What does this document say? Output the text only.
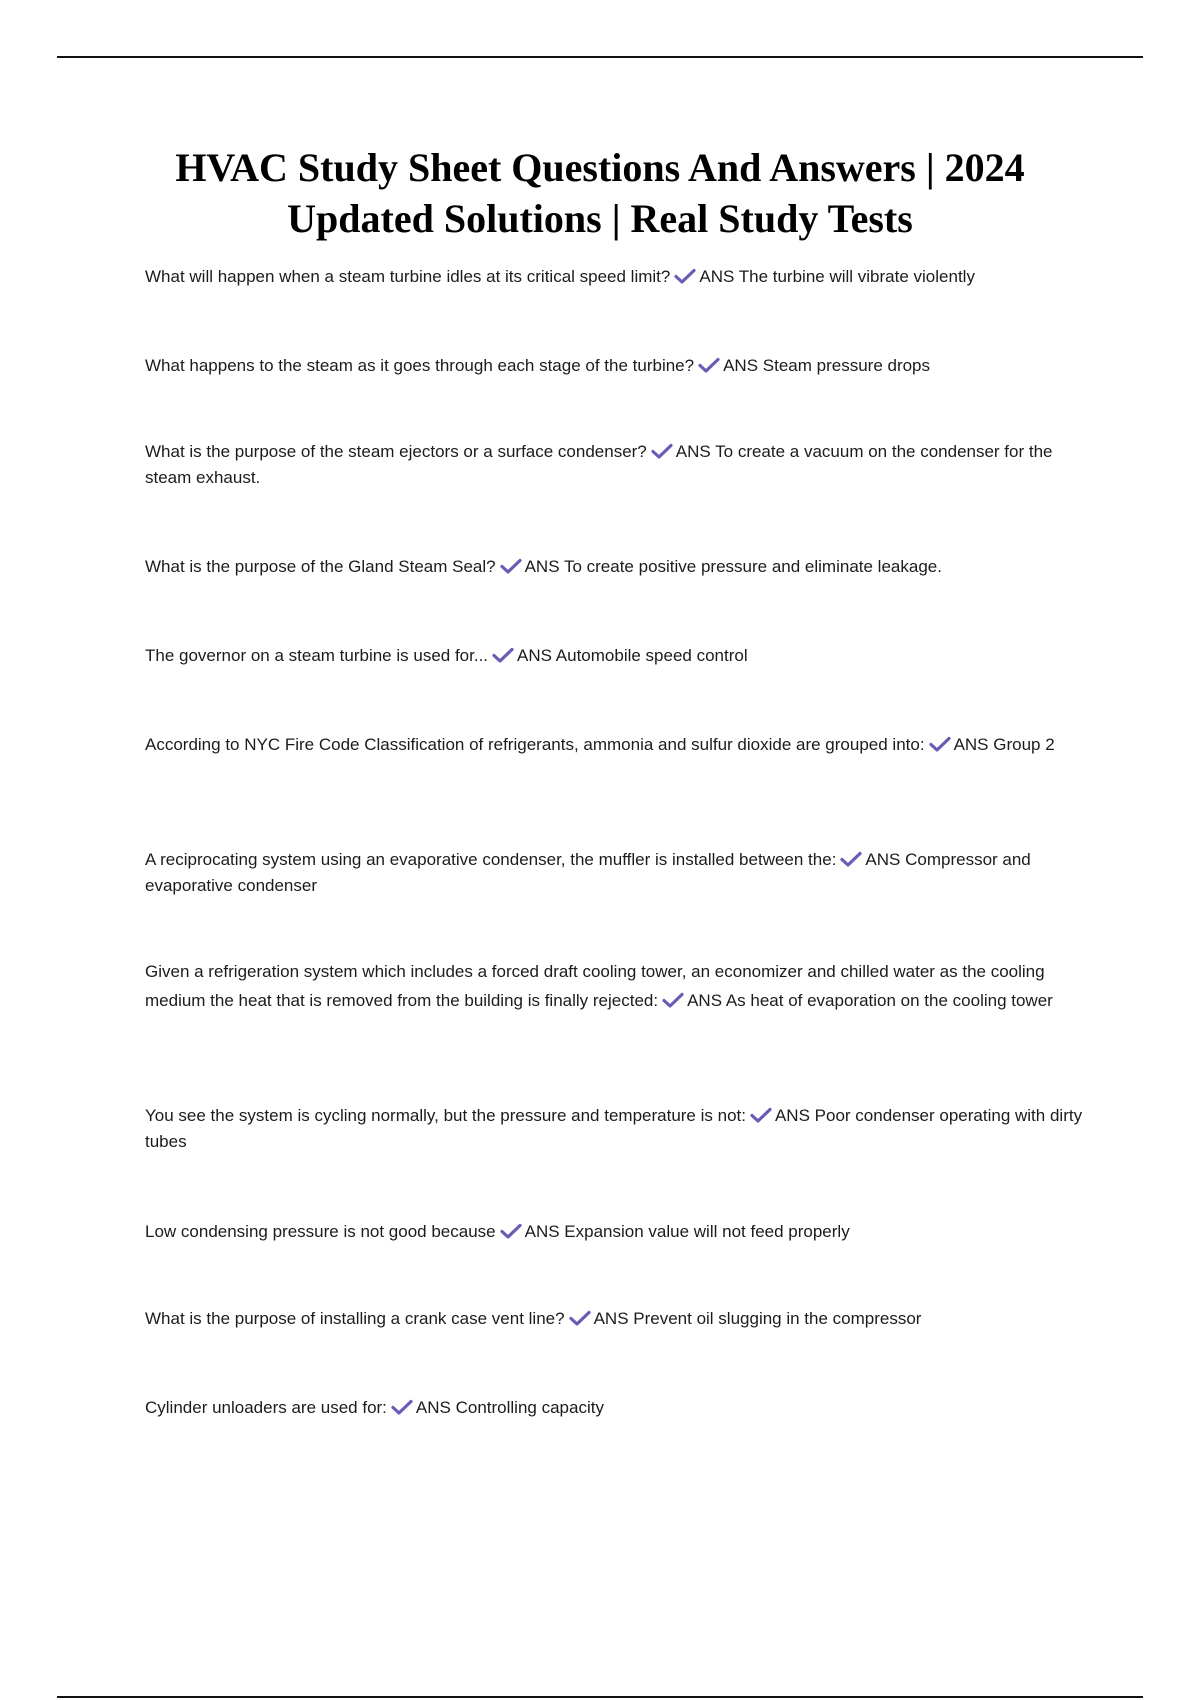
HVAC Study Sheet Questions And Answers | 2024 Updated Solutions | Real Study Tests

What will happen when a steam turbine idles at its critical speed limit? ANS The turbine will vibrate violently

What happens to the steam as it goes through each stage of the turbine? ANS Steam pressure drops

What is the purpose of the steam ejectors or a surface condenser? ANS To create a vacuum on the condenser for the steam exhaust.

What is the purpose of the Gland Steam Seal? ANS To create positive pressure and eliminate leakage.

The governor on a steam turbine is used for... ANS Automobile speed control

According to NYC Fire Code Classification of refrigerants, ammonia and sulfur dioxide are grouped into: ANS Group 2

A reciprocating system using an evaporative condenser, the muffler is installed between the: ANS Compressor and evaporative condenser

Given a refrigeration system which includes a forced draft cooling tower, an economizer and chilled water as the cooling medium the heat that is removed from the building is finally rejected: ANS As heat of evaporation on the cooling tower

You see the system is cycling normally, but the pressure and temperature is not: ANS Poor condenser operating with dirty tubes

Low condensing pressure is not good because ANS Expansion value will not feed properly

What is the purpose of installing a crank case vent line? ANS Prevent oil slugging in the compressor

Cylinder unloaders are used for: ANS Controlling capacity
